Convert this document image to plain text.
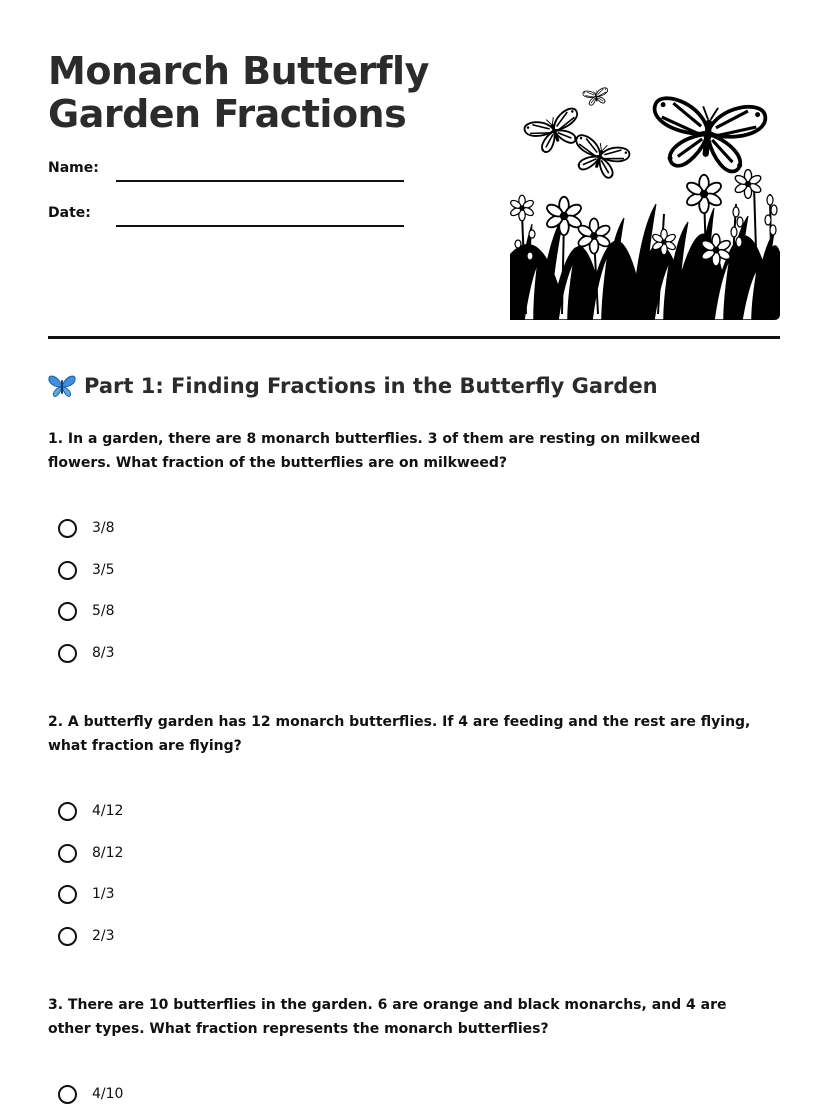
Monarch Butterfly
Garden Fractions
Name:
Date:
Part 1: Finding Fractions in the Butterfly Garden

1. In a garden, there are 8 monarch butterflies. 3 of them are resting on milkweed flowers. What fraction of the butterflies are on milkweed?

3/8
3/5
5/8
8/3

2. A butterfly garden has 12 monarch butterflies. If 4 are feeding and the rest are flying, what fraction are flying?

4/12
8/12
1/3
2/3

3. There are 10 butterflies in the garden. 6 are orange and black monarchs, and 4 are other types. What fraction represents the monarch butterflies?

4/10
